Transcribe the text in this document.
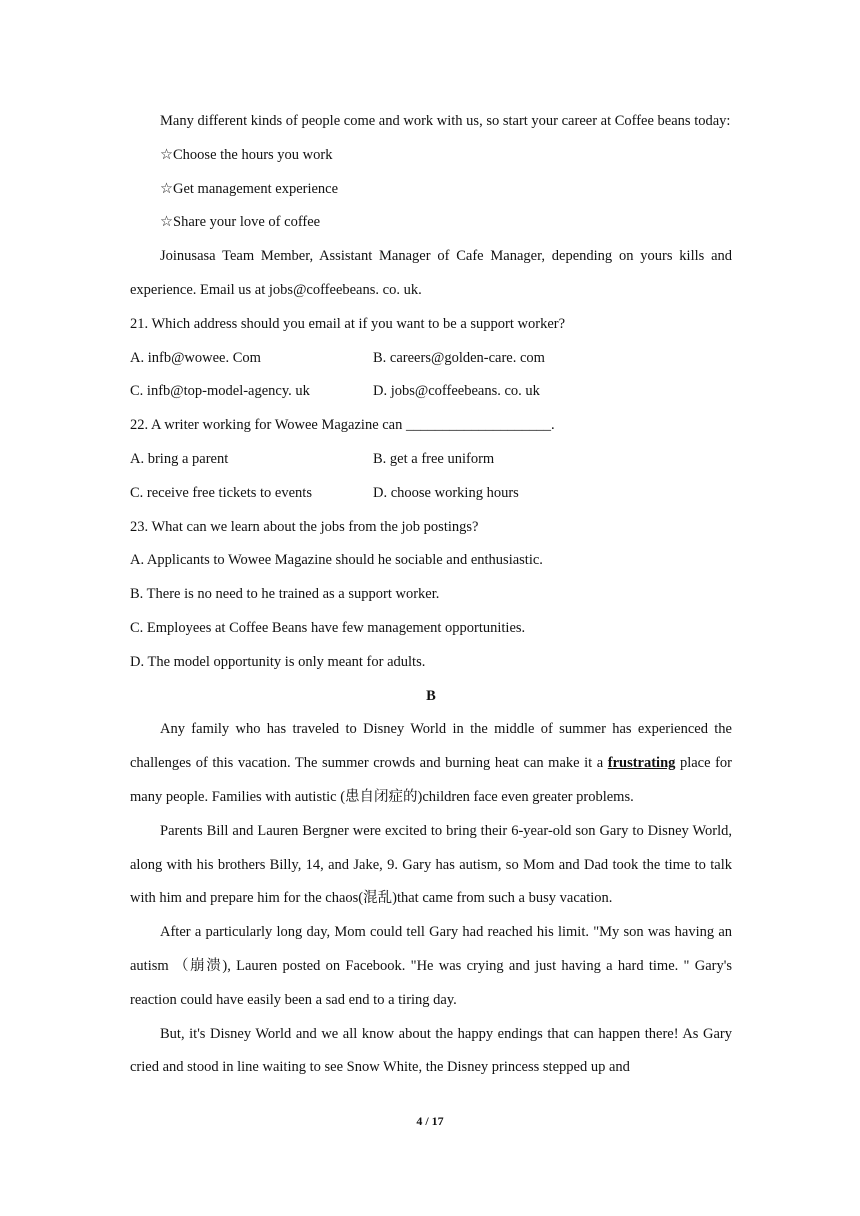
Many different kinds of people come and work with us, so start your career at Coffee beans today:
☆Choose the hours you work
☆Get management experience
☆Share your love of coffee
Joinusasa Team Member, Assistant Manager of Cafe Manager, depending on yours kills and experience. Email us at jobs@coffeebeans. co. uk.
21. Which address should you email at if you want to be a support worker?
A. infb@wowee. Com	B. careers@golden-care. com
C. infb@top-model-agency. uk	D. jobs@coffeebeans. co. uk
22. A writer working for Wowee Magazine can ____________________.
A. bring a parent	B. get a free uniform
C. receive free tickets to events	D. choose working hours
23. What can we learn about the jobs from the job postings?
A. Applicants to Wowee Magazine should he sociable and enthusiastic.
B. There is no need to he trained as a support worker.
C. Employees at Coffee Beans have few management opportunities.
D. The model opportunity is only meant for adults.
B
Any family who has traveled to Disney World in the middle of summer has experienced the challenges of this vacation. The summer crowds and burning heat can make it a frustrating place for many people. Families with autistic (患自闭症的)children face even greater problems.
Parents Bill and Lauren Bergner were excited to bring their 6-year-old son Gary to Disney World, along with his brothers Billy, 14, and Jake, 9. Gary has autism, so Mom and Dad took the time to talk with him and prepare him for the chaos(混乱)that came from such a busy vacation.
After a particularly long day, Mom could tell Gary had reached his limit. "My son was having an autism （崩溃), Lauren posted on Facebook. "He was crying and just having a hard time. " Gary's reaction could have easily been a sad end to a tiring day.
But, it's Disney World and we all know about the happy endings that can happen there! As Gary cried and stood in line waiting to see Snow White, the Disney princess stepped up and
4 / 17
